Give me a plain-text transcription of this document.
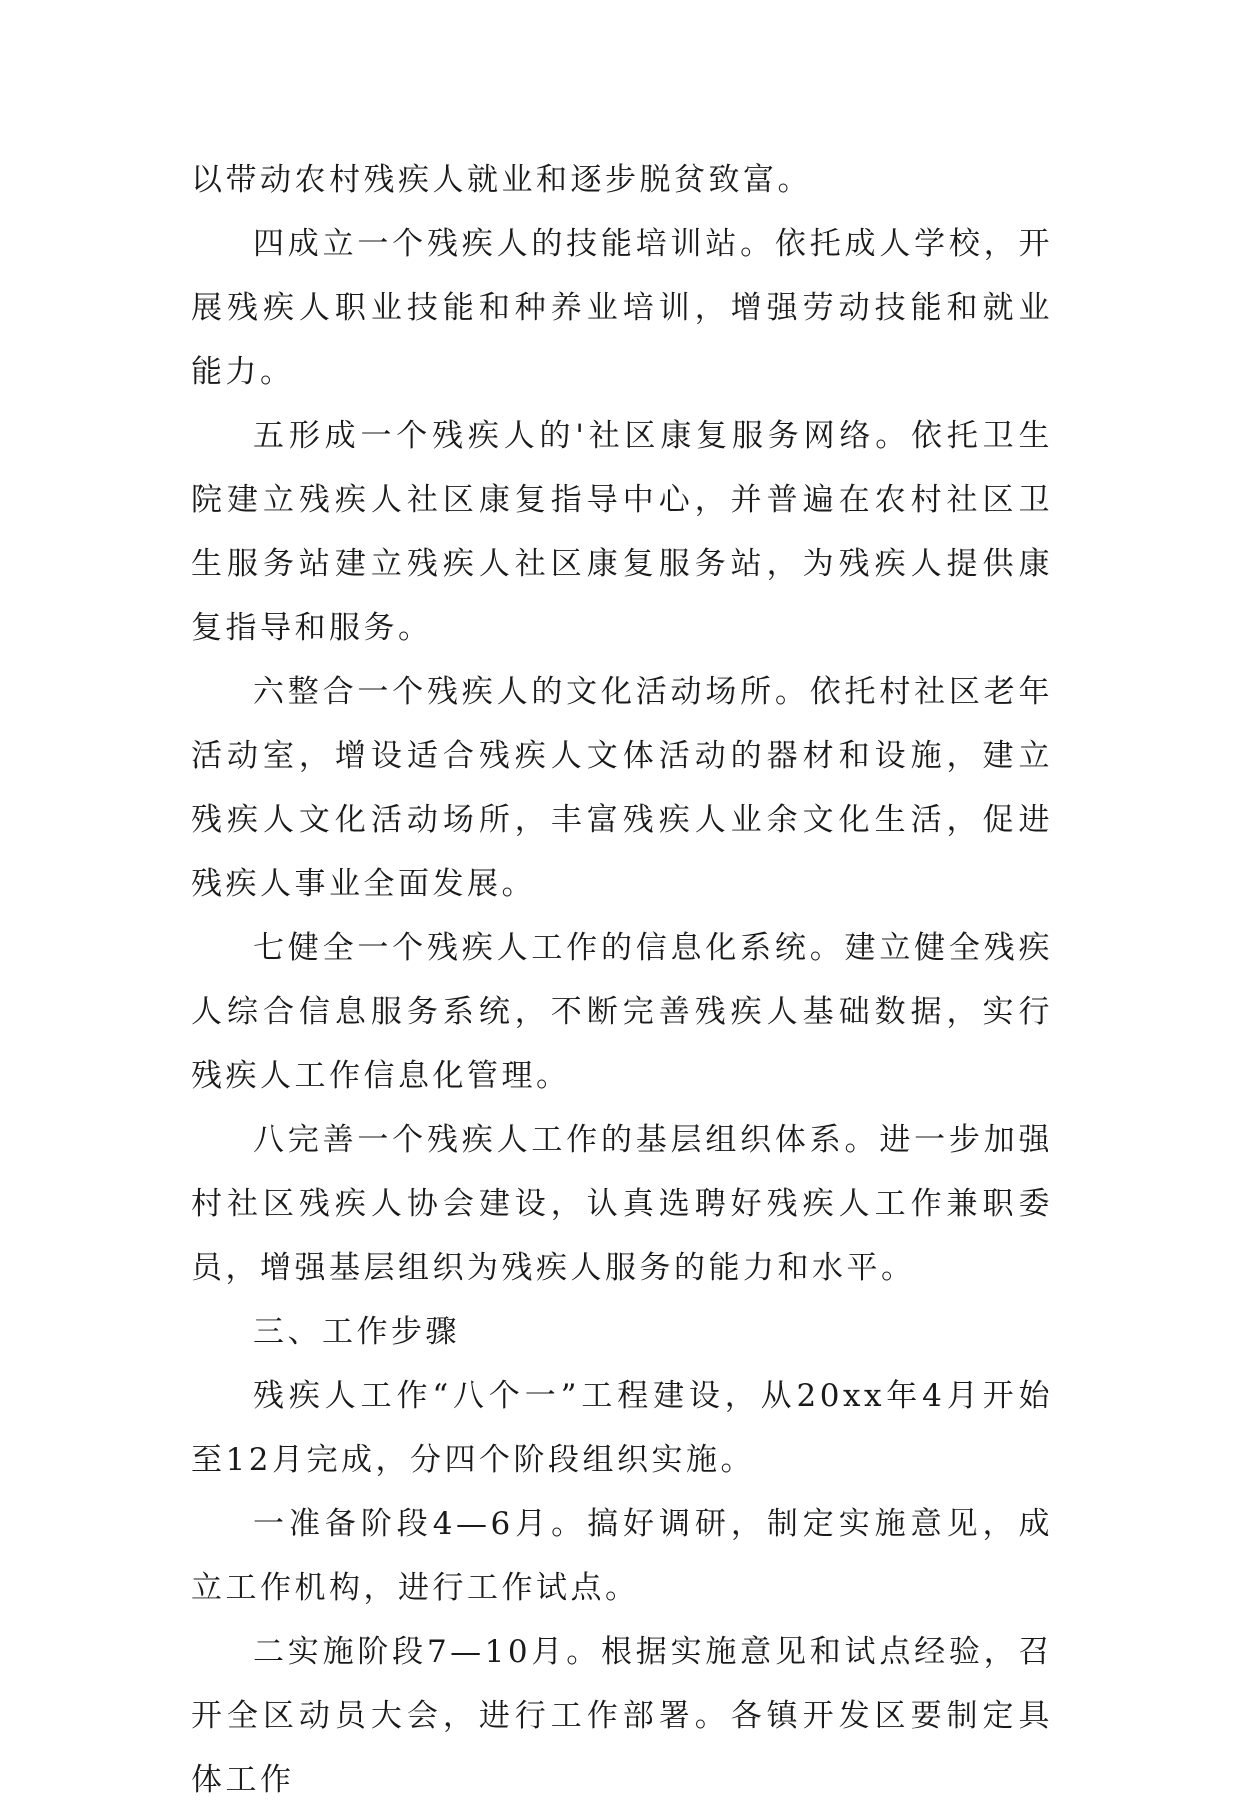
以带动农村残疾人就业和逐步脱贫致富。

四成立一个残疾人的技能培训站。依托成人学校，开展残疾人职业技能和种养业培训，增强劳动技能和就业能力。

五形成一个残疾人的'社区康复服务网络。依托卫生院建立残疾人社区康复指导中心，并普遍在农村社区卫生服务站建立残疾人社区康复服务站，为残疾人提供康复指导和服务。

六整合一个残疾人的文化活动场所。依托村社区老年活动室，增设适合残疾人文体活动的器材和设施，建立残疾人文化活动场所，丰富残疾人业余文化生活，促进残疾人事业全面发展。

七健全一个残疾人工作的信息化系统。建立健全残疾人综合信息服务系统，不断完善残疾人基础数据，实行残疾人工作信息化管理。

八完善一个残疾人工作的基层组织体系。进一步加强村社区残疾人协会建设，认真选聘好残疾人工作兼职委员，增强基层组织为残疾人服务的能力和水平。

三、工作步骤

残疾人工作“八个一”工程建设，从20xx年4月开始至12月完成，分四个阶段组织实施。

一准备阶段4—6月。搞好调研，制定实施意见，成立工作机构，进行工作试点。

二实施阶段7—10月。根据实施意见和试点经验，召开全区动员大会，进行工作部署。各镇开发区要制定具体工作
